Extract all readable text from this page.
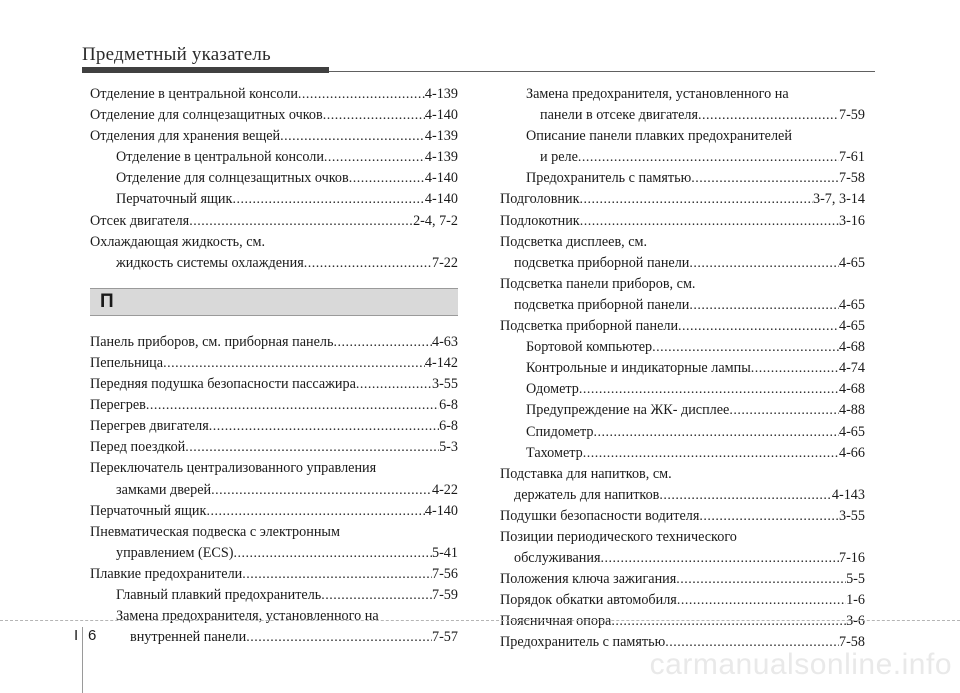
Предметный указатель
Отделение в центральной консоли .....	4-139
Отделение для солнцезащитных очков .....	4-140
Отделения для хранения вещей .....	4-139
Отделение в центральной консоли .....	4-139
Отделение для солнцезащитных очков .....	4-140
Перчаточный ящик .....	4-140
Отсек двигателя .....	2-4, 7-2
Охлаждающая жидкость, см.
жидкость системы охлаждения .....	7-22
П
Панель приборов, см. приборная панель .....	4-63
Пепельница .....	4-142
Передняя подушка безопасности пассажира .....	3-55
Перегрев .....	6-8
Перегрев двигателя .....	6-8
Перед поездкой .....	5-3
Переключатель централизованного управления
замками дверей .....	4-22
Перчаточный ящик .....	4-140
Пневматическая подвеска с электронным
управлением (ECS) .....	5-41
Плавкие предохранители .....	7-56
Главный плавкий предохранитель .....	7-59
Замена предохранителя, установленного на
внутренней панели .....	7-57
Замена предохранителя, установленного на
панели в отсеке двигателя .....	7-59
Описание панели плавких предохранителей
и реле .....	7-61
Предохранитель с памятью .....	7-58
Подголовник .....	3-7, 3-14
Подлокотник .....	3-16
Подсветка дисплеев, см.
подсветка приборной панели .....	4-65
Подсветка панели приборов, см.
подсветка приборной панели .....	4-65
Подсветка приборной панели .....	4-65
Бортовой компьютер .....	4-68
Контрольные и индикаторные лампы .....	4-74
Одометр .....	4-68
Предупреждение на ЖК- дисплее .....	4-88
Спидометр .....	4-65
Тахометр .....	4-66
Подставка для напитков, см.
держатель для напитков .....	4-143
Подушки безопасности водителя .....	3-55
Позиции периодического технического
обслуживания .....	7-16
Положения ключа зажигания .....	5-5
Порядок обкатки автомобиля .....	1-6
Поясничная опора .....	3-6
Предохранитель с памятью .....	7-58
I 6
carmanualsonline.info
